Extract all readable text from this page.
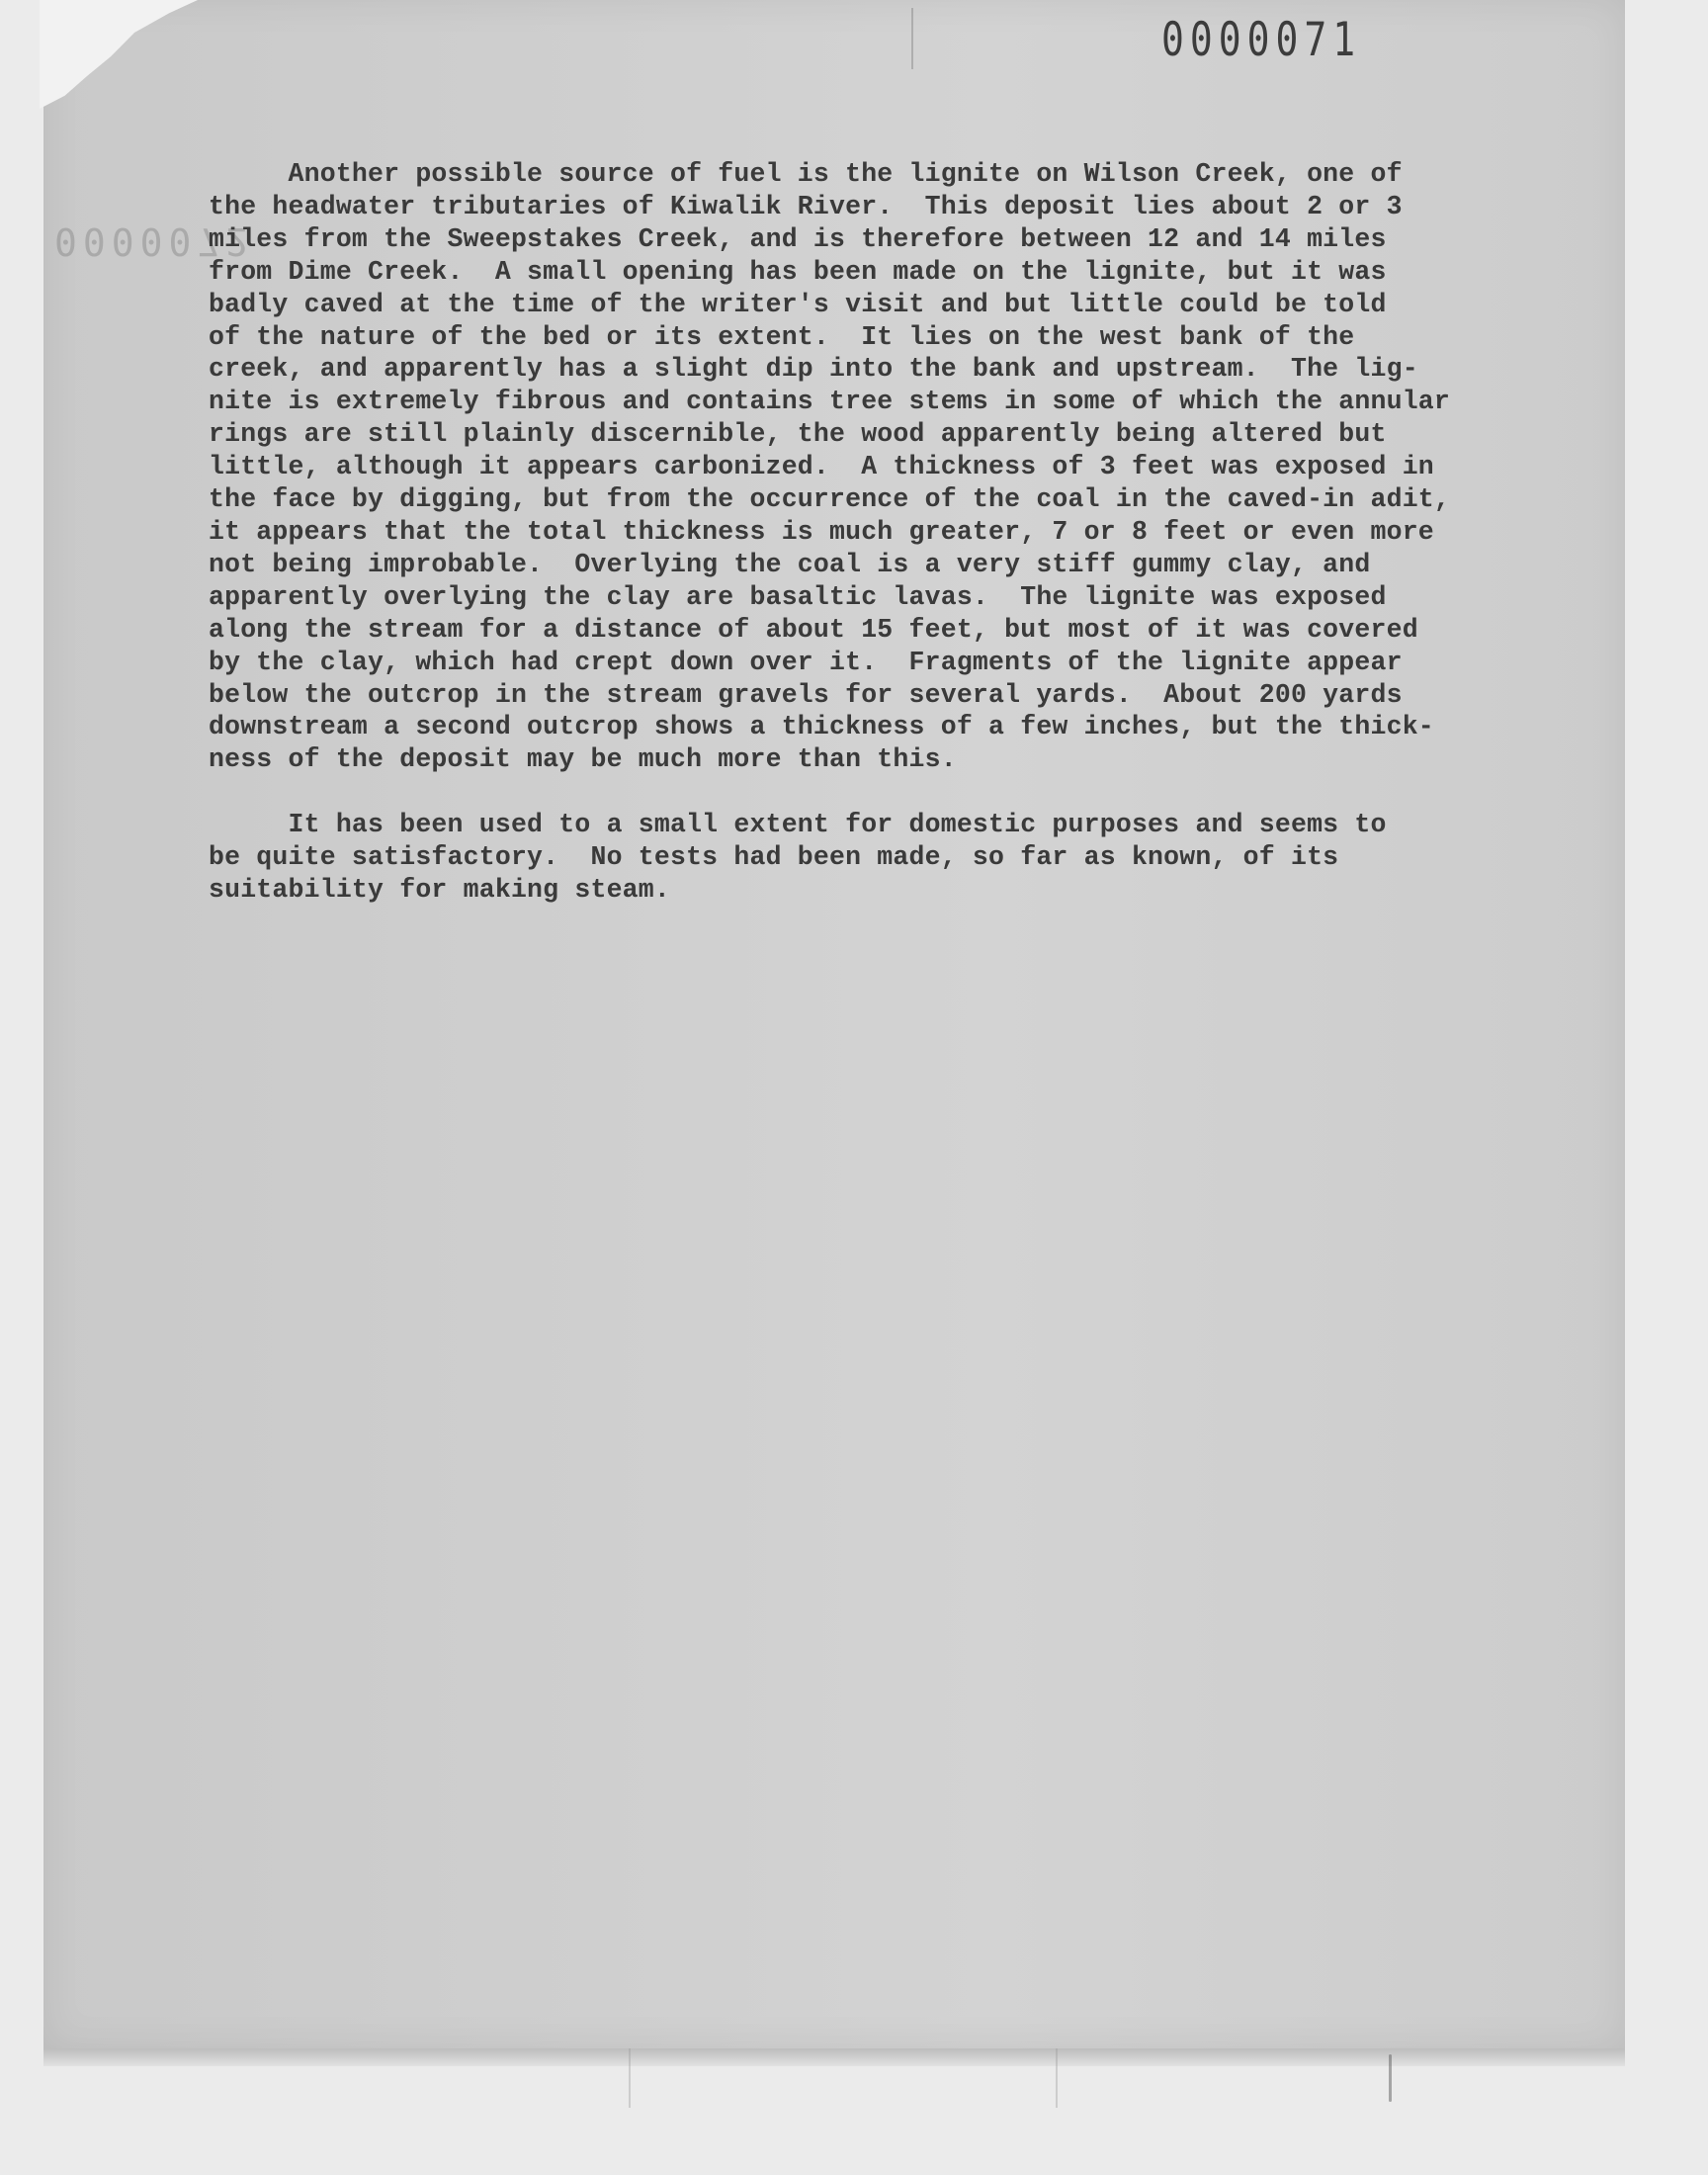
0000071
0000072
Another possible source of fuel is the lignite on Wilson Creek, one of
the headwater tributaries of Kiwalik River.  This deposit lies about 2 or 3
miles from the Sweepstakes Creek, and is therefore between 12 and 14 miles
from Dime Creek.  A small opening has been made on the lignite, but it was
badly caved at the time of the writer's visit and but little could be told
of the nature of the bed or its extent.  It lies on the west bank of the
creek, and apparently has a slight dip into the bank and upstream.  The lig-
nite is extremely fibrous and contains tree stems in some of which the annular
rings are still plainly discernible, the wood apparently being altered but
little, although it appears carbonized.  A thickness of 3 feet was exposed in
the face by digging, but from the occurrence of the coal in the caved-in adit,
it appears that the total thickness is much greater, 7 or 8 feet or even more
not being improbable.  Overlying the coal is a very stiff gummy clay, and
apparently overlying the clay are basaltic lavas.  The lignite was exposed
along the stream for a distance of about 15 feet, but most of it was covered
by the clay, which had crept down over it.  Fragments of the lignite appear
below the outcrop in the stream gravels for several yards.  About 200 yards
downstream a second outcrop shows a thickness of a few inches, but the thick-
ness of the deposit may be much more than this.
It has been used to a small extent for domestic purposes and seems to
be quite satisfactory.  No tests had been made, so far as known, of its
suitability for making steam.
